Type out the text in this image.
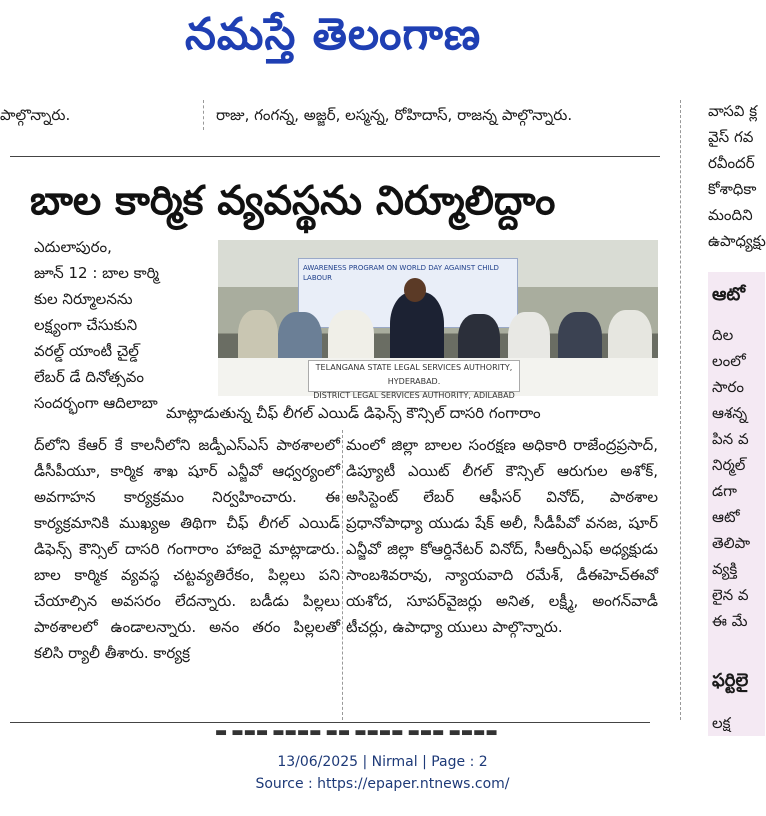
నమస్తే తెలంగాణ
పాల్గొన్నారు.	రాజు, గంగన్న, అజ్జర్, లస్మన్న, రోహిదాస్, రాజన్న పాల్గొన్నారు.	వాసవి క్ల
వైస్ గవ
రవీందర్
కోశాధికా
మందిని
ఉపాధ్యక్షు
బాల కార్మిక వ్యవస్థను నిర్మూలిద్దాం

ఎదులాపురం,

జూన్ 12 : బాల కార్మి

కుల నిర్మూలనను

లక్ష్యంగా చేసుకుని

వరల్డ్ యాంటీ చైల్డ్

లేబర్ డే దినోత్సవం

సందర్భంగా ఆదిలాబా

AWARENESS PROGRAM ON WORLD DAY AGAINST CHILD LABOUR
TELANGANA STATE LEGAL SERVICES AUTHORITY, HYDERABAD.
DISTRICT LEGAL SERVICES AUTHORITY, ADILABAD
మాట్లాడుతున్న చీఫ్ లీగల్ ఎయిడ్ డిఫెన్స్ కౌన్సిల్ దాసరి గంగారాం

ద్‌లోని కేఆర్ కే కాలనీలోని జడ్పీఎస్ఎస్ పాఠశాలలో డీసీపీయూ, కార్మిక శాఖ షూర్ ఎన్జీవో ఆధ్వర్యంలో అవగాహన కార్యక్రమం నిర్వహించారు. ఈ కార్యక్రమానికి ముఖ్యఅ తిథిగా చీఫ్ లీగల్ ఎయిడ్ డిఫెన్స్ కౌన్సిల్ దాసరి గంగారాం హాజరై మాట్లాడారు. బాల కార్మిక వ్యవస్థ చట్టవ్యతిరేకం, పిల్లలు పని చేయాల్సిన అవసరం లేదన్నారు. బడీడు పిల్లలు పాఠశాలలో ఉండాలన్నారు. అనం తరం పిల్లలతో కలిసి ర్యాలీ తీశారు. కార్యక్ర

మంలో జిల్లా బాలల సంరక్షణ అధికారి రాజేంద్రప్రసాద్, డిప్యూటీ ఎయిట్ లీగల్ కౌన్సిల్ ఆరుగుల అశోక్, అసిస్టెంట్ లేబర్ ఆఫీసర్ వినోద్, పాఠశాల ప్రధానోపాధ్యా యుడు షేక్ అలీ, సీడీపీవో వనజ, షూర్ ఎన్జీవో జిల్లా కోఆర్డినేటర్ వినోద్, సీఆర్పీఎఫ్ అధ్యక్షుడు సాంబశివరావు, న్యాయవాది రమేశ్, డీఈహెచ్ఈవో యశోద, సూపర్‌వైజర్లు అనిత, లక్ష్మీ, అంగన్‌వాడీ టీచర్లు, ఉపాధ్యా యులు పాల్గొన్నారు.

▬ ▬▬▬ ▬▬▬▬ ▬▬ ▬▬▬▬ ▬▬▬ ▬▬▬▬
ఆటో
దిల
లంలో
సారం
ఆశన్న
పిన వ
నిర్మల్
డగా
ఆటో
తెలిపా
వ్యక్తి
లైన వ
ఈ మే
ఫర్టిలై
లక్ష
13/06/2025 | Nirmal | Page : 2
Source : https://epaper.ntnews.com/
